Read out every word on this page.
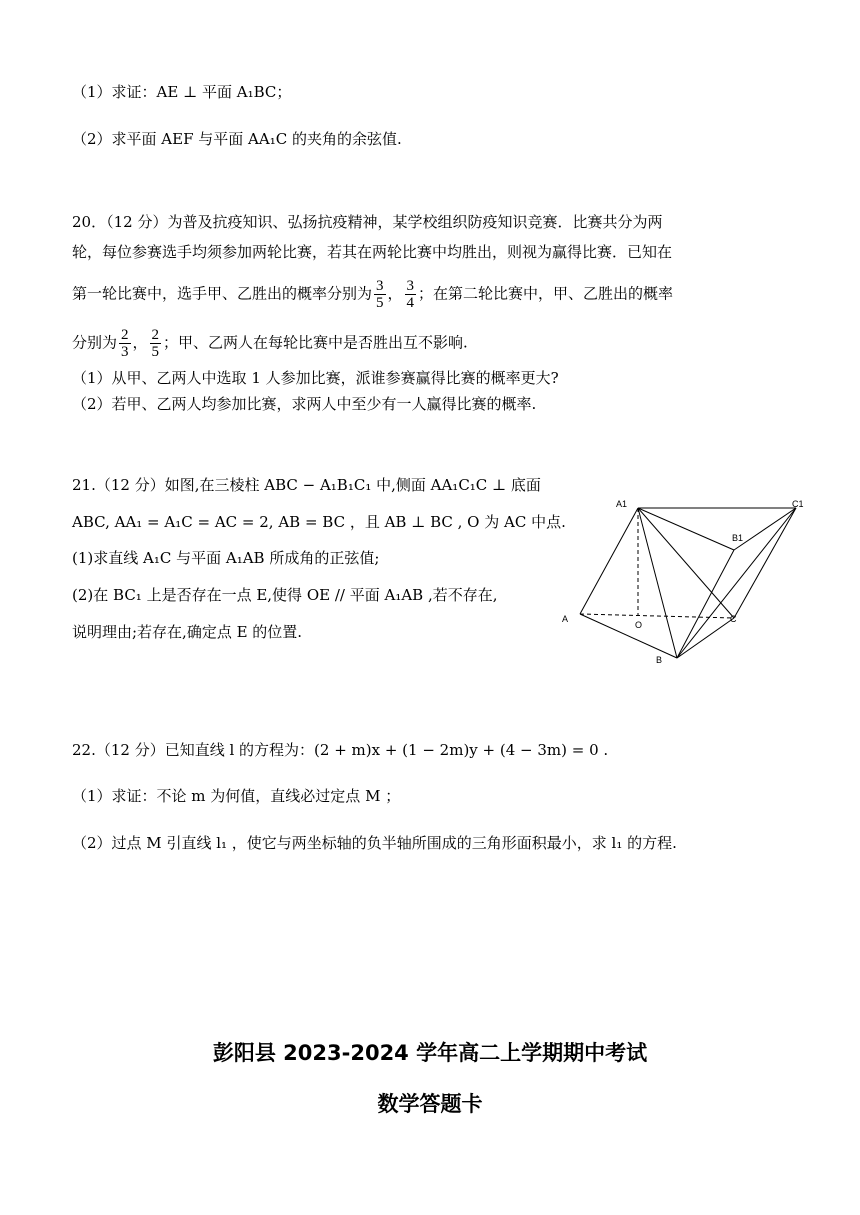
（1）求证：AE ⊥ 平面 A₁BC；
（2）求平面 AEF 与平面 AA₁C 的夹角的余弦值.
20．（12 分）为普及抗疫知识、弘扬抗疫精神，某学校组织防疫知识竞赛．比赛共分为两
轮，每位参赛选手均须参加两轮比赛，若其在两轮比赛中均胜出，则视为赢得比赛．已知在
第一轮比赛中，选手甲、乙胜出的概率分别为 $\frac{3}{5}$ ， $\frac{3}{4}$ ；在第二轮比赛中，甲、乙胜出的概率
分别为 $\frac{2}{3}$ ， $\frac{2}{5}$ ；甲、乙两人在每轮比赛中是否胜出互不影响.
（1）从甲、乙两人中选取 1 人参加比赛，派谁参赛赢得比赛的概率更大?
（2）若甲、乙两人均参加比赛，求两人中至少有一人赢得比赛的概率.
21.（12 分）如图,在三棱柱 ABC − A₁B₁C₁ 中,侧面 AA₁C₁C ⊥ 底面
ABC, AA₁ = A₁C = AC = 2, AB = BC ，且 AB ⊥ BC , O 为 AC 中点.
(1)求直线 A₁C 与平面 A₁AB 所成角的正弦值;
(2)在 BC₁ 上是否存在一点 E,使得 OE // 平面 A₁AB ,若不存在,
说明理由;若存在,确定点 E 的位置.
A1	C1
B1
A
O
C
B
22.（12 分）已知直线 l 的方程为：(2 + m)x + (1 − 2m)y + (4 − 3m) = 0 .
（1）求证：不论 m 为何值，直线必过定点 M ；
（2）过点 M 引直线 l₁ ，使它与两坐标轴的负半轴所围成的三角形面积最小，求 l₁ 的方程.
彭阳县 2023-2024 学年高二上学期期中考试
数学答题卡
